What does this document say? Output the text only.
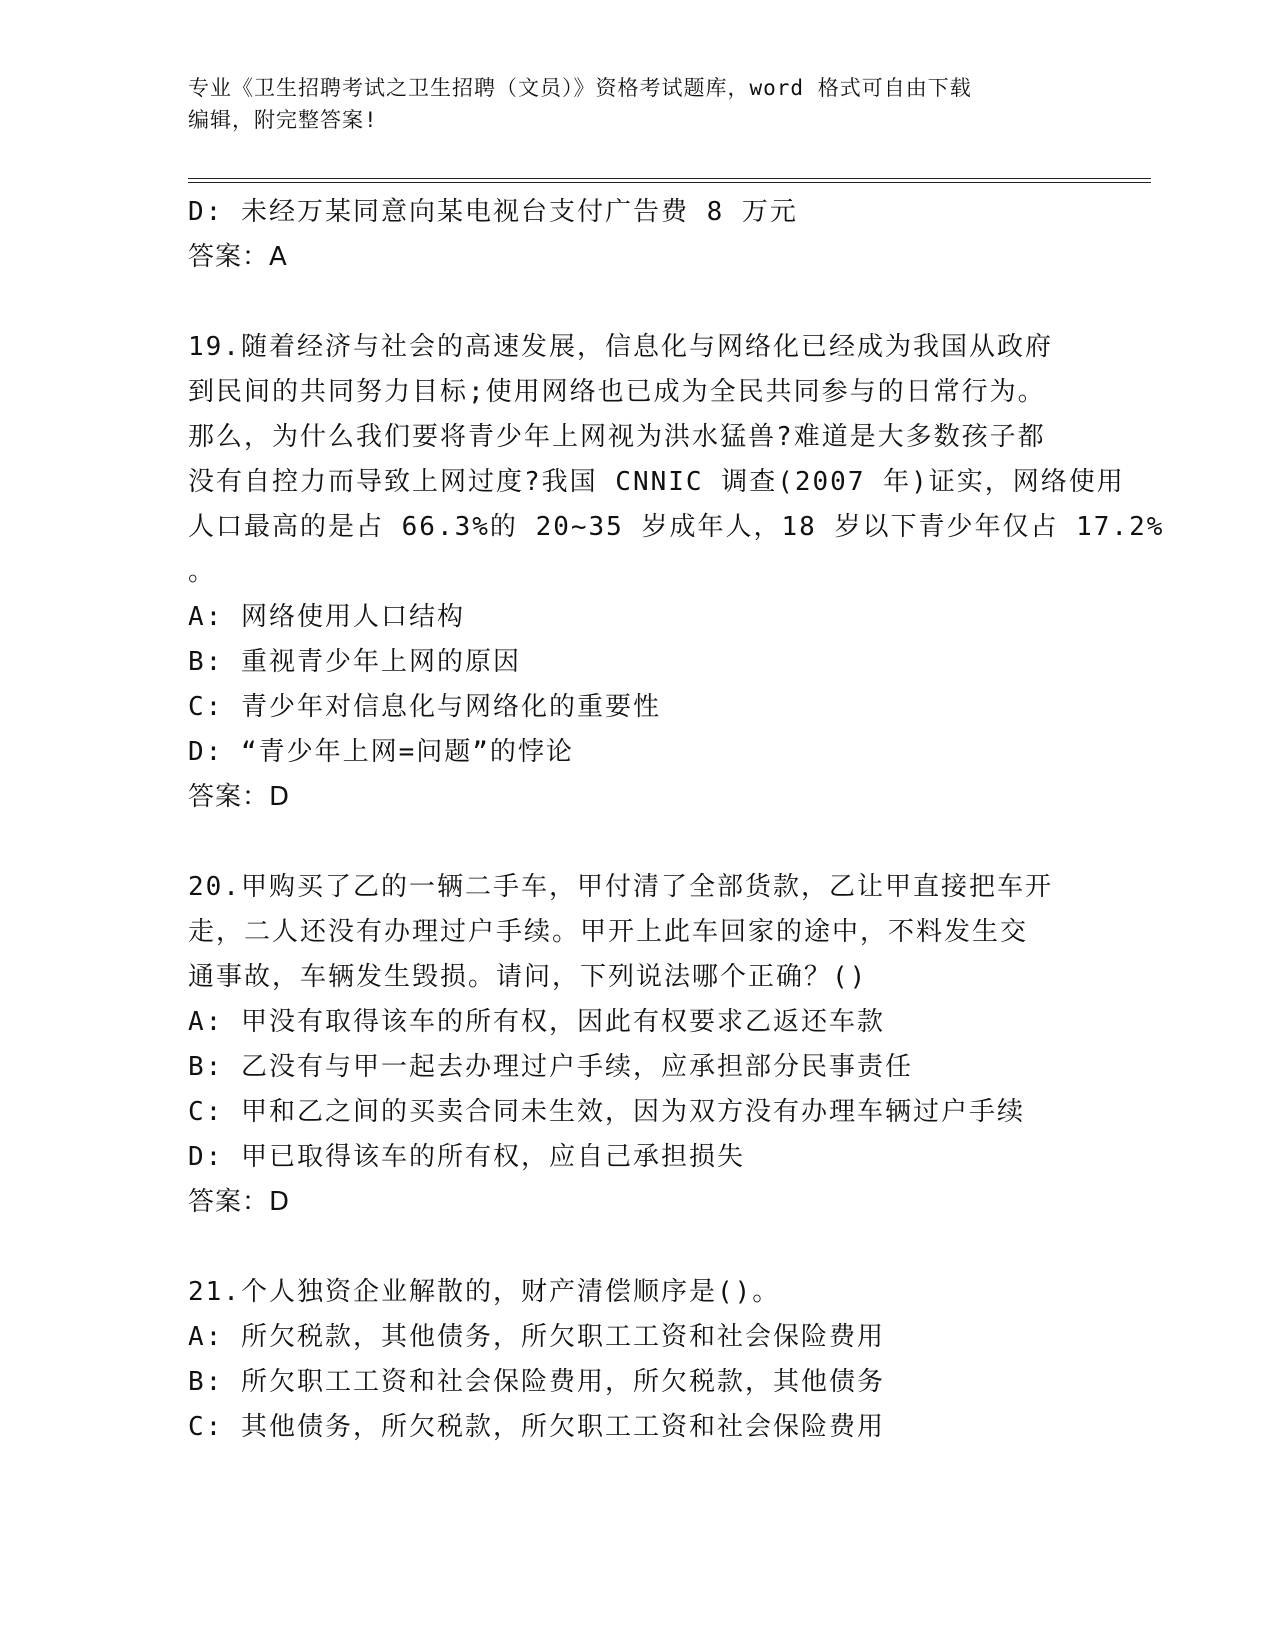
专业《卫生招聘考试之卫生招聘（文员）》资格考试题库，word 格式可自由下载
编辑，附完整答案!
D: 未经万某同意向某电视台支付广告费 8 万元
答案：A
19.随着经济与社会的高速发展，信息化与网络化已经成为我国从政府
到民间的共同努力目标;使用网络也已成为全民共同参与的日常行为。
那么，为什么我们要将青少年上网视为洪水猛兽?难道是大多数孩子都
没有自控力而导致上网过度?我国 CNNIC 调查(2007 年)证实，网络使用
人口最高的是占 66.3%的 20~35 岁成年人，18 岁以下青少年仅占 17.2%
。
A: 网络使用人口结构
B: 重视青少年上网的原因
C: 青少年对信息化与网络化的重要性
D: “青少年上网=问题”的悖论
答案：D
20.甲购买了乙的一辆二手车，甲付清了全部货款，乙让甲直接把车开
走，二人还没有办理过户手续。甲开上此车回家的途中，不料发生交
通事故，车辆发生毁损。请问，下列说法哪个正确？()
A: 甲没有取得该车的所有权，因此有权要求乙返还车款
B: 乙没有与甲一起去办理过户手续，应承担部分民事责任
C: 甲和乙之间的买卖合同未生效，因为双方没有办理车辆过户手续
D: 甲已取得该车的所有权，应自己承担损失
答案：D
21.个人独资企业解散的，财产清偿顺序是()。
A: 所欠税款，其他债务，所欠职工工资和社会保险费用
B: 所欠职工工资和社会保险费用，所欠税款，其他债务
C: 其他债务，所欠税款，所欠职工工资和社会保险费用
